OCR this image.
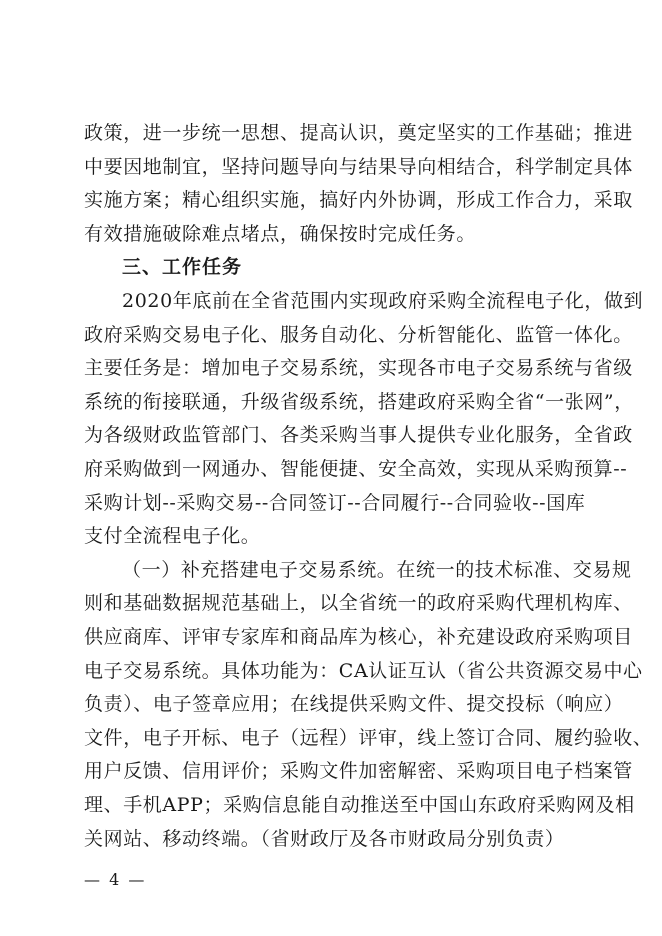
政策，进一步统一思想、提高认识，奠定坚实的工作基础；推进
中要因地制宜，坚持问题导向与结果导向相结合，科学制定具体
实施方案；精心组织实施，搞好内外协调，形成工作合力，采取
有效措施破除难点堵点，确保按时完成任务。
三、工作任务
2020年底前在全省范围内实现政府采购全流程电子化，做到
政府采购交易电子化、服务自动化、分析智能化、监管一体化。
主要任务是：增加电子交易系统，实现各市电子交易系统与省级
系统的衔接联通，升级省级系统，搭建政府采购全省“一张网”，
为各级财政监管部门、各类采购当事人提供专业化服务，全省政
府采购做到一网通办、智能便捷、安全高效，实现从采购预算--
采购计划--采购交易--合同签订--合同履行--合同验收--国库
支付全流程电子化。
（一）补充搭建电子交易系统。在统一的技术标准、交易规
则和基础数据规范基础上，以全省统一的政府采购代理机构库、
供应商库、评审专家库和商品库为核心，补充建设政府采购项目
电子交易系统。具体功能为：CA认证互认（省公共资源交易中心
负责）、电子签章应用；在线提供采购文件、提交投标（响应）
文件，电子开标、电子（远程）评审，线上签订合同、履约验收、
用户反馈、信用评价；采购文件加密解密、采购项目电子档案管
理、手机APP；采购信息能自动推送至中国山东政府采购网及相
关网站、移动终端。（省财政厅及各市财政局分别负责）
— 4 —
